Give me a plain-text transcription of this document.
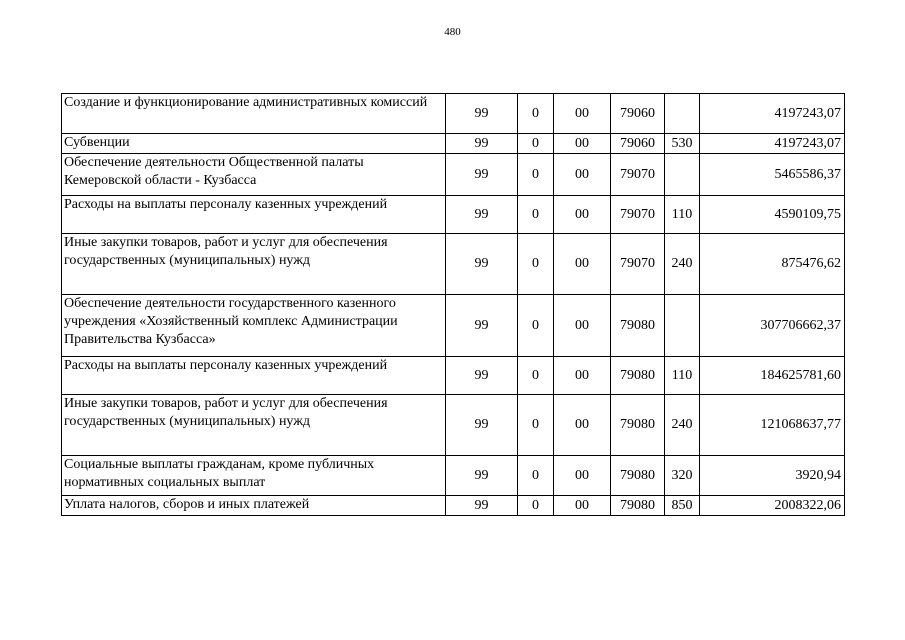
480
Создание и функционирование административных комиссий	99	0	00	79060		4197243,07
Субвенции	99	0	00	79060	530	4197243,07
Обеспечение деятельности Общественной палаты Кемеровской области - Кузбасса	99	0	00	79070		5465586,37
Расходы на выплаты персоналу казенных учреждений	99	0	00	79070	110	4590109,75
Иные закупки товаров, работ и услуг для обеспечения государственных (муниципальных) нужд	99	0	00	79070	240	875476,62
Обеспечение деятельности государственного казенного учреждения «Хозяйственный комплекс Администрации Правительства Кузбасса»	99	0	00	79080		307706662,37
Расходы на выплаты персоналу казенных учреждений	99	0	00	79080	110	184625781,60
Иные закупки товаров, работ и услуг для обеспечения государственных (муниципальных) нужд	99	0	00	79080	240	121068637,77
Социальные выплаты гражданам, кроме публичных нормативных социальных выплат	99	0	00	79080	320	3920,94
Уплата налогов, сборов и иных платежей	99	0	00	79080	850	2008322,06
